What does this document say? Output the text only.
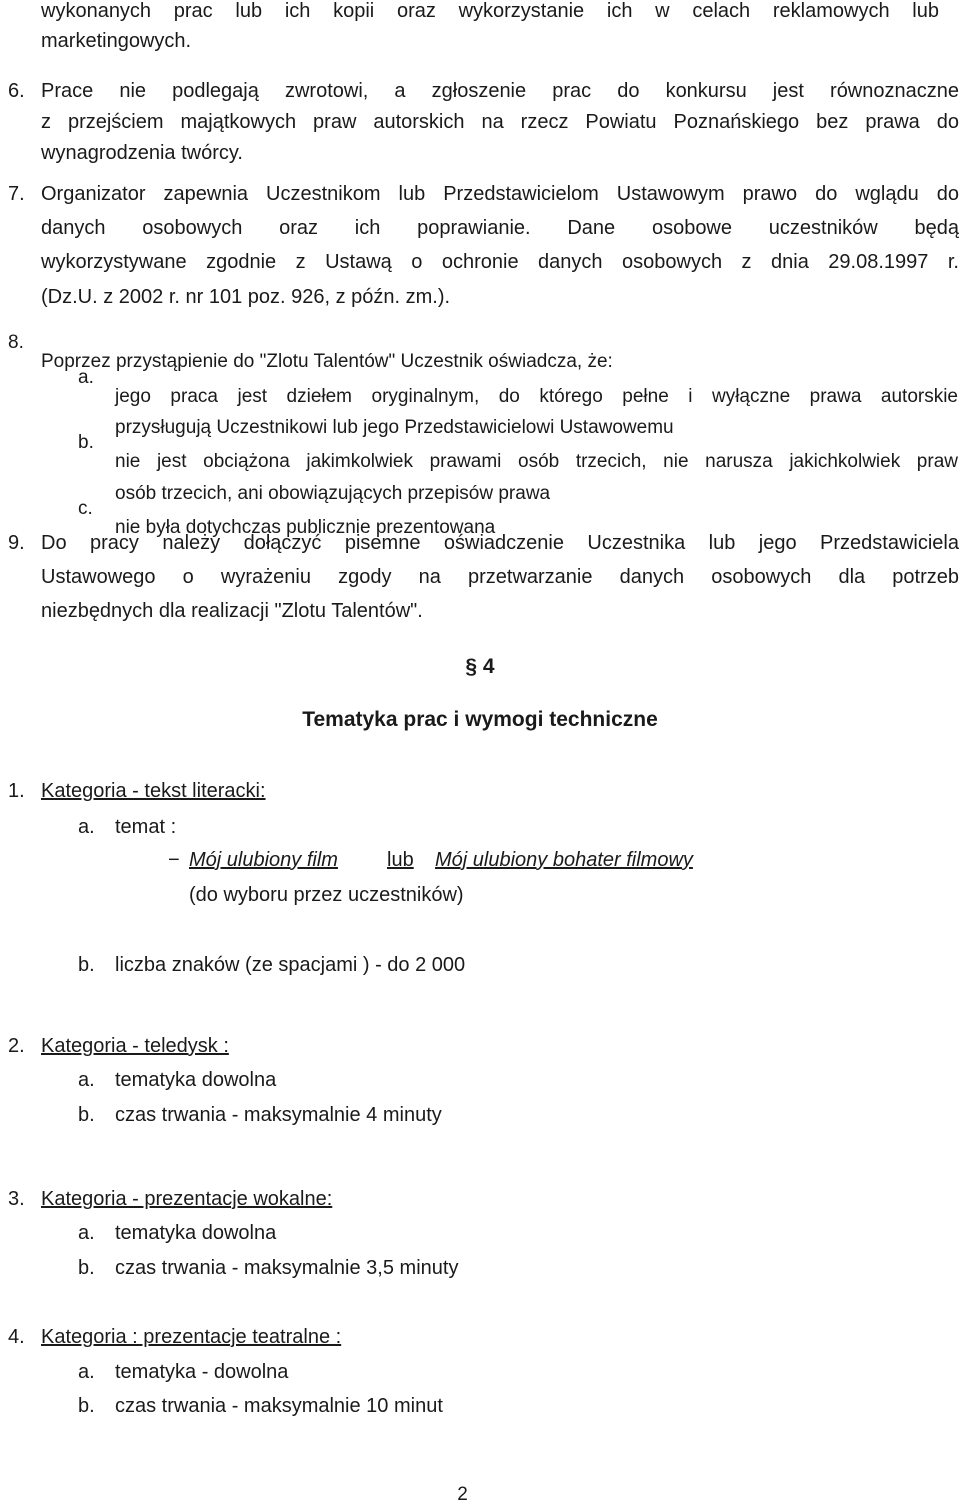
wykonanych prac lub ich kopii oraz wykorzystanie ich w celach reklamowych lub

marketingowych.

6. Prace nie podlegają zwrotowi, a zgłoszenie prac do konkursu jest równoznaczne

z przejściem majątkowych praw autorskich na rzecz Powiatu Poznańskiego bez prawa do

wynagrodzenia twórcy.

7. Organizator zapewnia Uczestnikom lub Przedstawicielom Ustawowym prawo do wglądu do

danych osobowych oraz ich poprawianie. Dane osobowe uczestników będą

wykorzystywane zgodnie z Ustawą o ochronie danych osobowych z dnia 29.08.1997 r.

(Dz.U. z 2002 r. nr 101 poz. 926, z późn. zm.).

8.

Poprzez przystąpienie do "Zlotu Talentów" Uczestnik oświadcza, że:

a.

jego praca jest dziełem oryginalnym, do którego pełne i wyłączne prawa autorskie

przysługują Uczestnikowi lub jego Przedstawicielowi Ustawowemu

b.

nie jest obciążona jakimkolwiek prawami osób trzecich, nie narusza jakichkolwiek praw

osób trzecich, ani obowiązujących przepisów prawa

c.

nie była dotychczas publicznie prezentowana

9. Do pracy należy dołączyć pisemne oświadczenie Uczestnika lub jego Przedstawiciela

Ustawowego o wyrażeniu zgody na przetwarzanie danych osobowych dla potrzeb

niezbędnych dla realizacji "Zlotu Talentów".

§ 4
Tematyka prac i wymogi techniczne
1. Kategoria - tekst literacki:
a. temat :
− Mój ulubiony film	lub	Mój ulubiony bohater filmowy
(do wyboru przez uczestników)
b. liczba znaków (ze spacjami ) - do 2 000
2. Kategoria - teledysk :
a. tematyka dowolna
b. czas trwania - maksymalnie 4 minuty
3. Kategoria - prezentacje wokalne:
a. tematyka dowolna
b. czas trwania - maksymalnie 3,5 minuty
4. Kategoria : prezentacje teatralne :
a. tematyka - dowolna
b. czas trwania - maksymalnie 10 minut
2
